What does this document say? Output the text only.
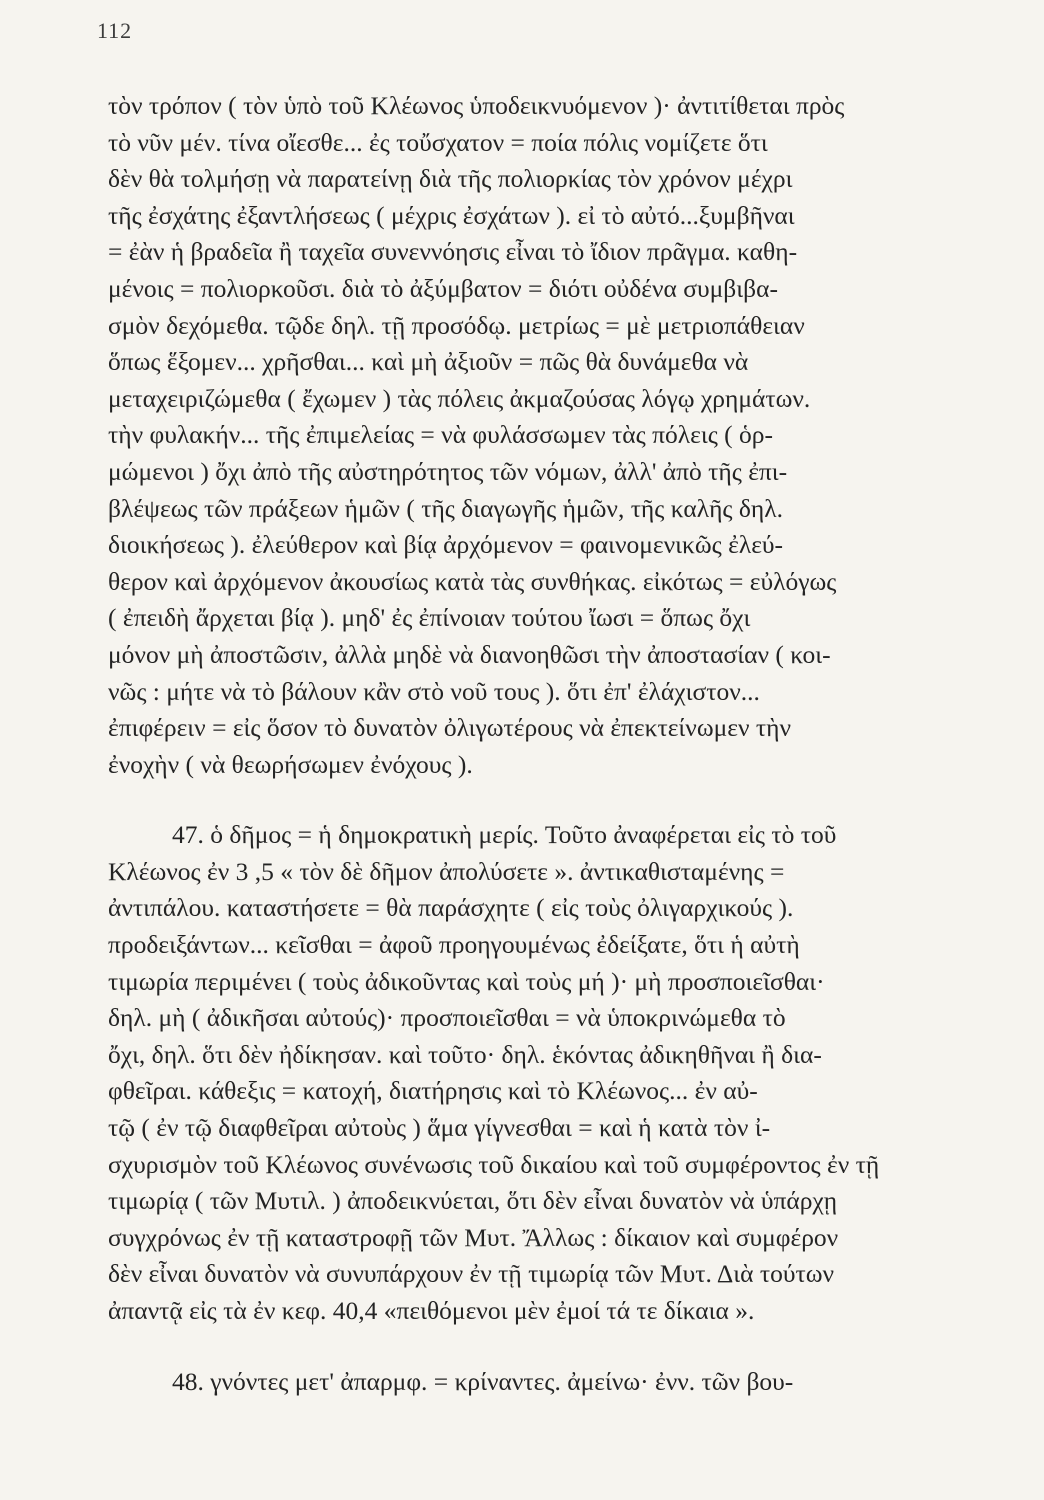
112
τὸν τρόπον ( τὸν ὑπὸ τοῦ Κλέωνος ὑποδεικνυόμενον )· ἀντιτίθεται πρὸς
τὸ νῦν μέν. τίνα οἴεσθε... ἐς τοὔσχατον = ποία πόλις νομίζετε ὅτι
δὲν θὰ τολμήσῃ νὰ παρατείνῃ διὰ τῆς πολιορκίας τὸν χρόνον μέχρι
τῆς ἐσχάτης ἐξαντλήσεως ( μέχρις ἐσχάτων ). εἰ τὸ αὐτό...ξυμβῆναι
= ἐὰν ἡ βραδεῖα ἢ ταχεῖα συνεννόησις εἶναι τὸ ἴδιον πρᾶγμα. καθη-
μένοις = πολιορκοῦσι. διὰ τὸ ἀξύμβατον = διότι οὐδένα συμβιβα-
σμὸν δεχόμεθα. τῷδε δηλ. τῇ προσόδῳ. μετρίως = μὲ μετριοπάθειαν
ὅπως ἕξομεν... χρῆσθαι... καὶ μὴ ἀξιοῦν = πῶς θὰ δυνάμεθα νὰ
μεταχειριζώμεθα ( ἔχωμεν ) τὰς πόλεις ἀκμαζούσας λόγῳ χρημάτων.
τὴν φυλακήν... τῆς ἐπιμελείας = νὰ φυλάσσωμεν τὰς πόλεις ( ὁρ-
μώμενοι ) ὄχι ἀπὸ τῆς αὐστηρότητος τῶν νόμων, ἀλλ' ἀπὸ τῆς ἐπι-
βλέψεως τῶν πράξεων ἡμῶν ( τῆς διαγωγῆς ἡμῶν, τῆς καλῆς δηλ.
διοικήσεως ). ἐλεύθερον καὶ βίᾳ ἀρχόμενον = φαινομενικῶς ἐλεύ-
θερον καὶ ἀρχόμενον ἀκουσίως κατὰ τὰς συνθήκας. εἰκότως = εὐλόγως
( ἐπειδὴ ἄρχεται βίᾳ ). μηδ' ἐς ἐπίνοιαν τούτου ἴωσι = ὅπως ὄχι
μόνον μὴ ἀποστῶσιν, ἀλλὰ μηδὲ νὰ διανοηθῶσι τὴν ἀποστασίαν ( κοι-
νῶς : μήτε νὰ τὸ βάλουν κἂν στὸ νοῦ τους ). ὅτι ἐπ' ἐλάχιστον...
ἐπιφέρειν = εἰς ὅσον τὸ δυνατὸν ὀλιγωτέρους νὰ ἐπεκτείνωμεν τὴν
ἐνοχὴν ( νὰ θεωρήσωμεν ἐνόχους ).
47. ὁ δῆμος = ἡ δημοκρατικὴ μερίς. Τοῦτο ἀναφέρεται εἰς τὸ τοῦ
Κλέωνος ἐν 3 ,5 « τὸν δὲ δῆμον ἀπολύσετε ». ἀντικαθισταμένης =
ἀντιπάλου. καταστήσετε = θὰ παράσχητε ( εἰς τοὺς ὀλιγαρχικούς ).
προδειξάντων... κεῖσθαι = ἀφοῦ προηγουμένως ἐδείξατε, ὅτι ἡ αὐτὴ
τιμωρία περιμένει ( τοὺς ἀδικοῦντας καὶ τοὺς μή )· μὴ προσποιεῖσθαι·
δηλ. μὴ ( ἀδικῆσαι αὐτούς)· προσποιεῖσθαι = νὰ ὑποκρινώμεθα τὸ
ὄχι, δηλ. ὅτι δὲν ἠδίκησαν. καὶ τοῦτο· δηλ. ἑκόντας ἀδικηθῆναι ἢ δια-
φθεῖραι. κάθεξις = κατοχή, διατήρησις καὶ τὸ Κλέωνος... ἐν αὐ-
τῷ ( ἐν τῷ διαφθεῖραι αὐτοὺς ) ἅμα γίγνεσθαι = καὶ ἡ κατὰ τὸν ἰ-
σχυρισμὸν τοῦ Κλέωνος συνένωσις τοῦ δικαίου καὶ τοῦ συμφέροντος ἐν τῇ
τιμωρίᾳ ( τῶν Μυτιλ. ) ἀποδεικνύεται, ὅτι δὲν εἶναι δυνατὸν νὰ ὑπάρχῃ
συγχρόνως ἐν τῇ καταστροφῇ τῶν Μυτ. Ἄλλως : δίκαιον καὶ συμφέρον
δὲν εἶναι δυνατὸν νὰ συνυπάρχουν ἐν τῇ τιμωρίᾳ τῶν Μυτ. Διὰ τούτων
ἀπαντᾷ εἰς τὰ ἐν κεφ. 40,4 «πειθόμενοι μὲν ἐμοί τά τε δίκαια ».
48. γνόντες μετ' ἀπαρμφ. = κρίναντες. ἀμείνω· ἐνν. τῶν βου-
